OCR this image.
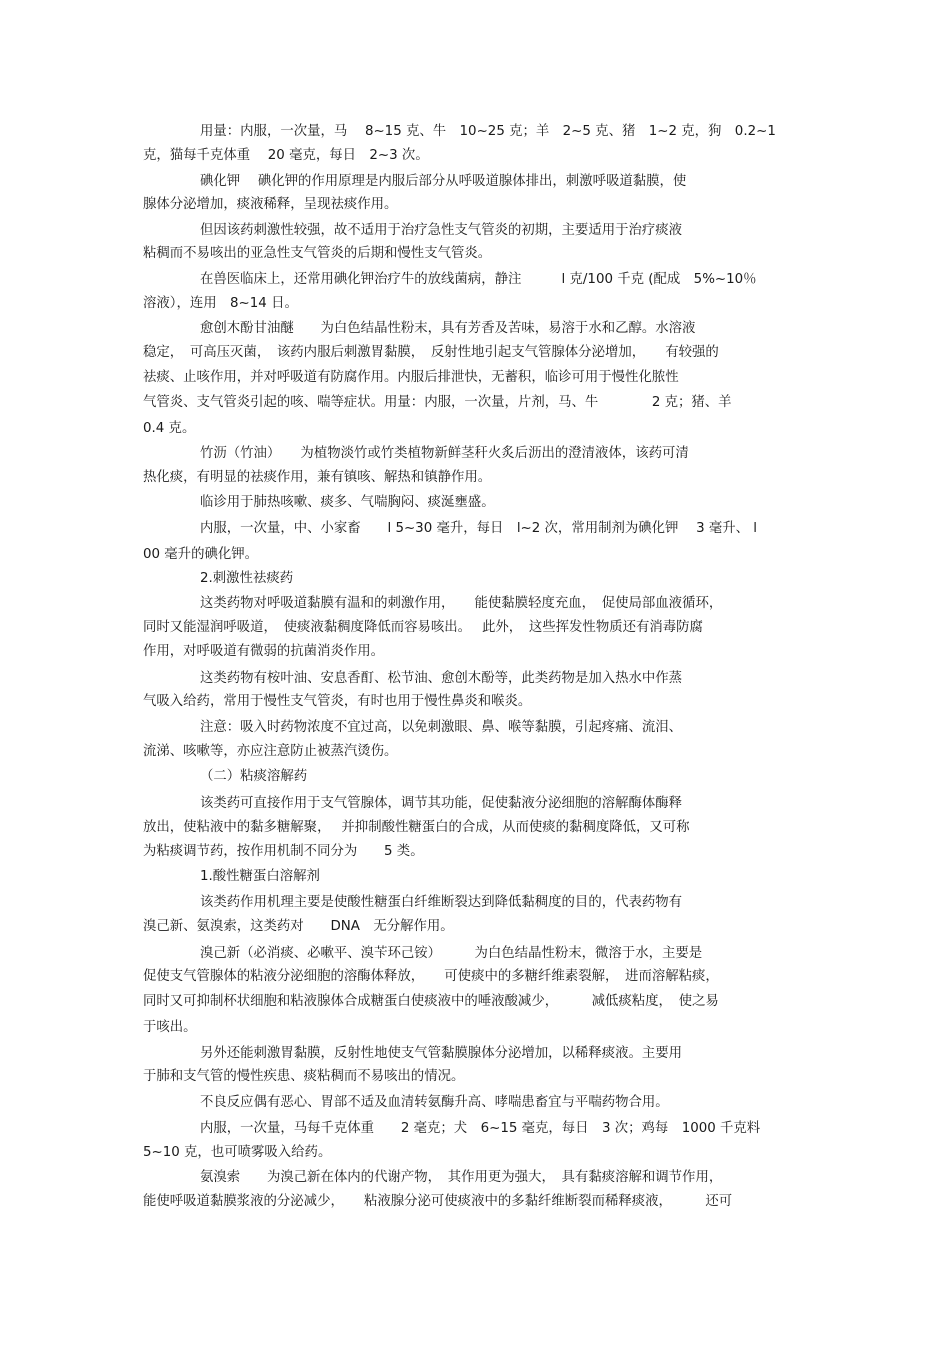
用量：内服，一次量，马　 8~15 克、牛　10~25 克；羊　2~5 克、猪　1~2 克，狗　0.2~1
克，猫每千克体重　 20 毫克，每日　2~3 次。
碘化钾　 碘化钾的作用原理是内服后部分从呼吸道腺体排出，刺激呼吸道黏膜，使
腺体分泌增加，痰液稀释，呈现祛痰作用。
但因该药刺激性较强，故不适用于治疗急性支气管炎的初期，主要适用于治疗痰液
粘稠而不易咳出的亚急性支气管炎的后期和慢性支气管炎。
在兽医临床上，还常用碘化钾治疗牛的放线菌病，静注　　　l 克/100 千克 (配成　5%~10％
溶液），连用　8~14 日。
愈创木酚甘油醚　　为白色结晶性粉末，具有芳香及苦味，易溶于水和乙醇。水溶液
稳定，　可高压灭菌，　该药内服后刺激胃黏膜，　反射性地引起支气管腺体分泌增加，　　有较强的
祛痰、止咳作用，并对呼吸道有防腐作用。内服后排泄快，无蓄积，临诊可用于慢性化脓性
气管炎、支气管炎引起的咳、喘等症状。用量：内服，一次量，片剂，马、牛　　　　2 克；猪、羊
0.4 克。
竹沥（竹油）　　为植物淡竹或竹类植物新鲜茎秆火炙后沥出的澄清液体，该药可清
热化痰，有明显的祛痰作用，兼有镇咳、解热和镇静作用。
临诊用于肺热咳嗽、痰多、气喘胸闷、痰涎壅盛。
内服，一次量，中、小家畜　　l 5~30 毫升，每日　l~2 次，常用制剂为碘化钾　 3 毫升、 l
00 毫升的碘化钾。
2.刺激性祛痰药
这类药物对呼吸道黏膜有温和的刺激作用，　　能使黏膜轻度充血，　促使局部血液循环，
同时又能湿润呼吸道，　使痰液黏稠度降低而容易咳出。　 此外，　这些挥发性物质还有消毒防腐
作用，对呼吸道有微弱的抗菌消炎作用。
这类药物有桉叶油、安息香酊、松节油、愈创木酚等，此类药物是加入热水中作蒸
气吸入给药，常用于慢性支气管炎，有时也用于慢性鼻炎和喉炎。
注意：吸入时药物浓度不宜过高，以免刺激眼、鼻、喉等黏膜，引起疼痛、流泪、
流涕、咳嗽等，亦应注意防止被蒸汽烫伤。
（二）粘痰溶解药
该类药可直接作用于支气管腺体，调节其功能，促使黏液分泌细胞的溶解酶体酶释
放出，使粘液中的黏多糖解聚，　 并抑制酸性糖蛋白的合成，从而使痰的黏稠度降低，又可称
为粘痰调节药，按作用机制不同分为　　5 类。
1.酸性糖蛋白溶解剂
该类药作用机理主要是使酸性糖蛋白纤维断裂达到降低黏稠度的目的，代表药物有
溴己新、氨溴索，这类药对　　DNA　无分解作用。
溴己新（必消痰、必嗽平、溴苄环己铵）　　　为白色结晶性粉末，微溶于水，主要是
促使支气管腺体的粘液分泌细胞的溶酶体释放，　　可使痰中的多糖纤维素裂解，　进而溶解粘痰，
同时又可抑制杯状细胞和粘液腺体合成糖蛋白使痰液中的唾液酸减少，　　　减低痰粘度，　使之易
于咳出。
另外还能刺激胃黏膜，反射性地使支气管黏膜腺体分泌增加，以稀释痰液。主要用
于肺和支气管的慢性疾患、痰粘稠而不易咳出的情况。
不良反应偶有恶心、胃部不适及血清转氨酶升高、哮喘患畜宜与平喘药物合用。
内服，一次量，马每千克体重　　2 毫克；犬　6~15 毫克，每日　3 次；鸡每　1000 千克料
5~10 克，也可喷雾吸入给药。
氨溴索　　为溴己新在体内的代谢产物，　其作用更为强大，　具有黏痰溶解和调节作用，
能使呼吸道黏膜浆液的分泌减少，　　粘液腺分泌可使痰液中的多黏纤维断裂而稀释痰液，　　　还可
